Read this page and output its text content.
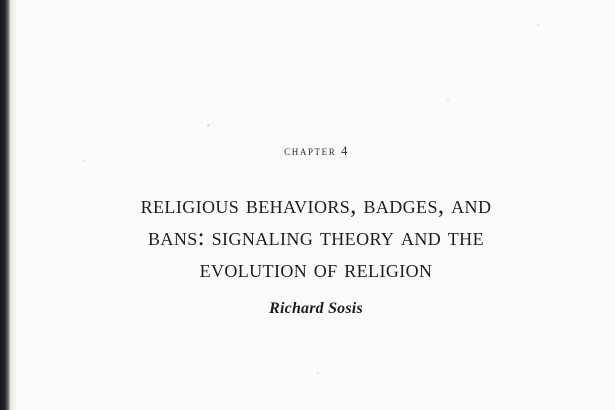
chapter 4
religious behaviors, badges, and
bans: signaling theory and the
evolution of religion
Richard Sosis
